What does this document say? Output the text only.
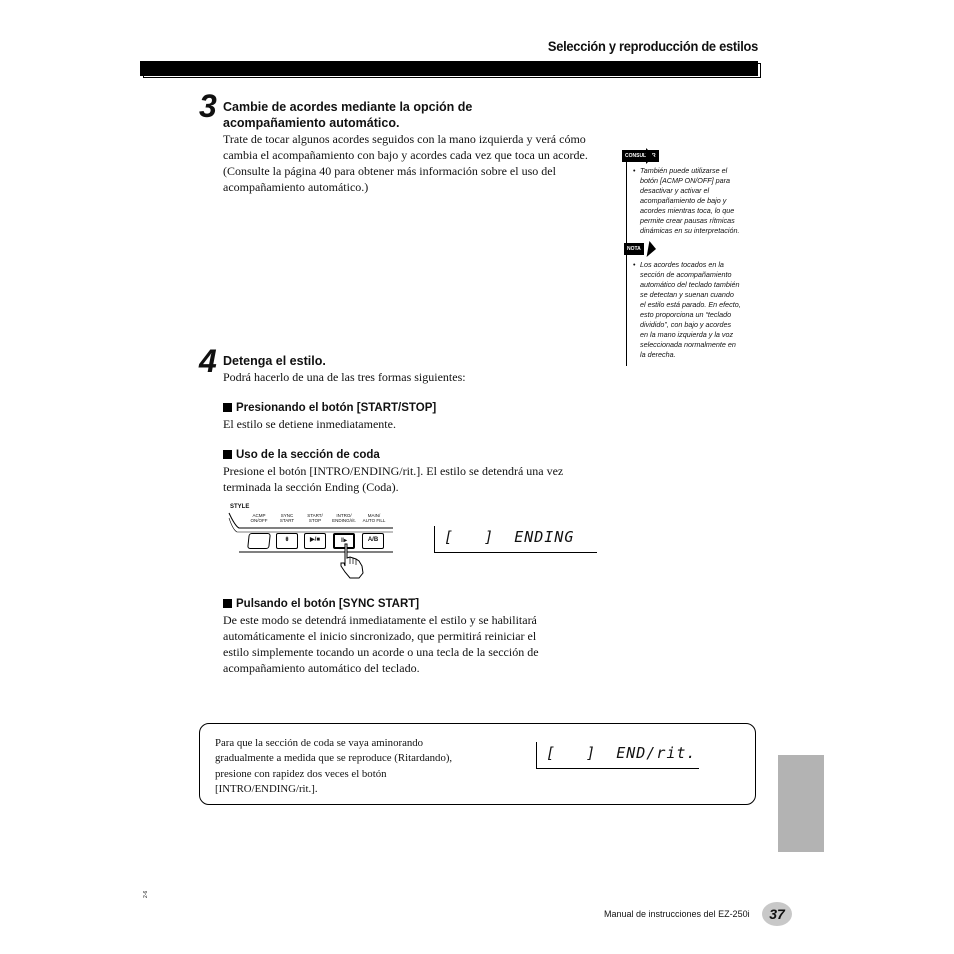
Selección y reproducción de estilos
3 Cambie de acordes mediante la opción de
acompañamiento automático.
Trate de tocar algunos acordes seguidos con la mano izquierda y verá cómo
cambia el acompañamiento con bajo y acordes cada vez que toca un acorde.
(Consulte la página 40 para obtener más información sobre el uso del
acompañamiento automático.)
CONSULTAR
• También puede utilizarse el
botón [ACMP ON/OFF] para
desactivar y activar el
acompañamiento de bajo y
acordes mientras toca, lo que
permite crear pausas rítmicas
dinámicas en su interpretación.
NOTA
• Los acordes tocados en la
sección de acompañamiento
automático del teclado también
se detectan y suenan cuando
el estilo está parado. En efecto,
esto proporciona un “teclado
dividido”, con bajo y acordes
en la mano izquierda y la voz
seleccionada normalmente en
la derecha.
4 Detenga el estilo.
Podrá hacerlo de una de las tres formas siguientes:
Presionando el botón [START/STOP]
El estilo se detiene inmediatamente.
Uso de la sección de coda
Presione el botón [INTRO/ENDING/rit.]. El estilo se detendrá una vez
terminada la sección Ending (Coda).
STYLE
ACMP
ON/OFF
SYNC
START
START/
STOP
INTRO/
ENDING/rit.
MAIN/
AUTO FILL
⇟	▶/■	‖▸	A/B	[   ]  ENDING
Pulsando el botón [SYNC START]
De este modo se detendrá inmediatamente el estilo y se habilitará
automáticamente el inicio sincronizado, que permitirá reiniciar el
estilo simplemente tocando un acorde o una tecla de la sección de
acompañamiento automático del teclado.
Para que la sección de coda se vaya aminorando
gradualmente a medida que se reproduce (Ritardando),
presione con rapidez dos veces el botón
[INTRO/ENDING/rit.].
[   ]  END/rit.
Manual de instrucciones del EZ-250i	37
2-6
